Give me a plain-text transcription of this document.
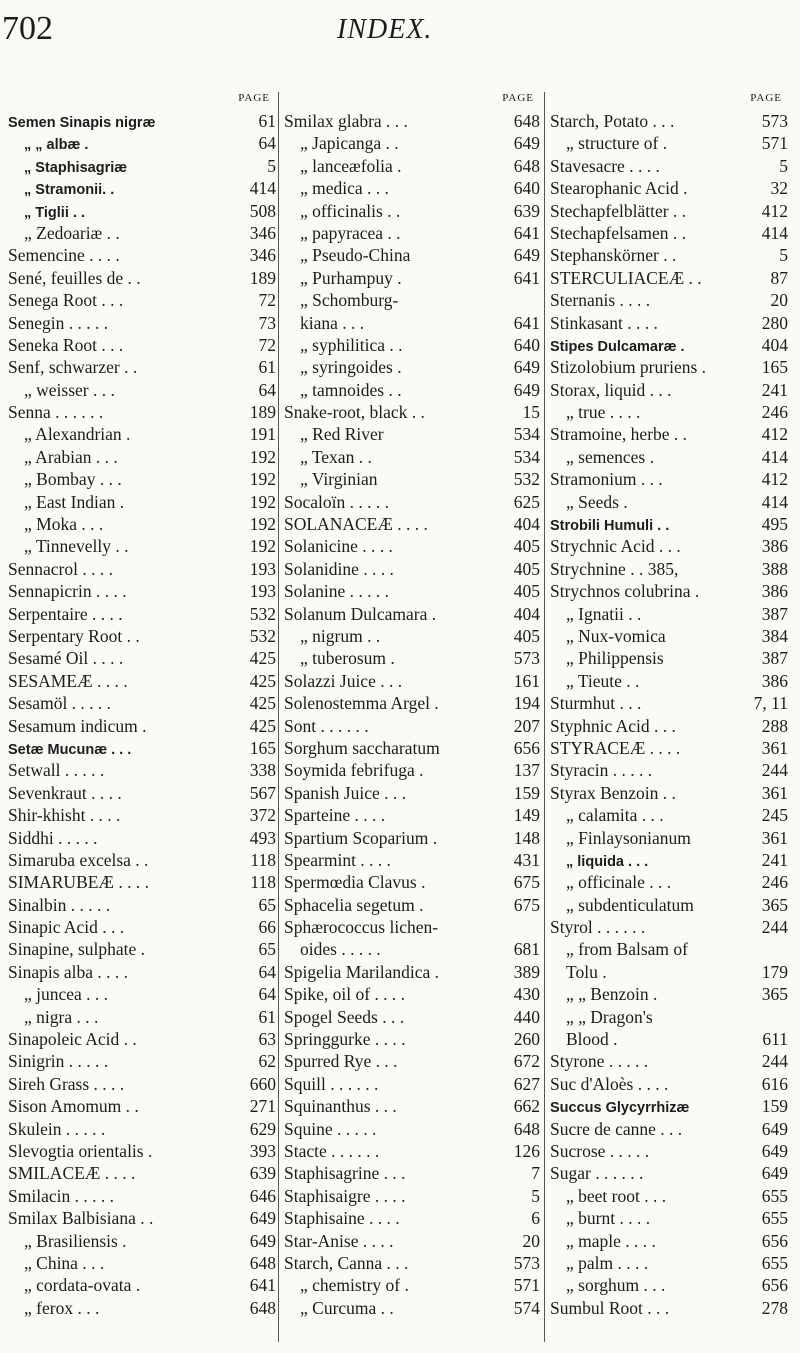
702	INDEX.
PAGE
Semen Sinapis nigræ	61
„ „ albæ .	64
„ Staphisagriæ	5
„ Stramonii. .	414
„ Tiglii . .	508
„ Zedoariæ . .	346
Semencine . . . .	346
Sené, feuilles de . .	189
Senega Root . . .	72
Senegin . . . . .	73
Seneka Root . . .	72
Senf, schwarzer . .	61
„ weisser . . .	64
Senna . . . . . .	189
„ Alexandrian .	191
„ Arabian . . .	192
„ Bombay . . .	192
„ East Indian .	192
„ Moka . . .	192
„ Tinnevelly . .	192
Sennacrol . . . .	193
Sennapicrin . . . .	193
Serpentaire . . . .	532
Serpentary Root . .	532
Sesamé Oil . . . .	425
SESAMEÆ . . . .	425
Sesamöl . . . . .	425
Sesamum indicum .	425
Setæ Mucunæ . . .	165
Setwall . . . . .	338
Sevenkraut . . . .	567
Shir-khisht . . . .	372
Siddhi . . . . .	493
Simaruba excelsa . .	118
SIMARUBEÆ . . . .	118
Sinalbin . . . . .	65
Sinapic Acid . . .	66
Sinapine, sulphate .	65
Sinapis alba . . . .	64
„ juncea . . .	64
„ nigra . . .	61
Sinapoleic Acid . .	63
Sinigrin . . . . .	62
Sireh Grass . . . .	660
Sison Amomum . .	271
Skulein . . . . .	629
Slevogtia orientalis .	393
SMILACEÆ . . . .	639
Smilacin . . . . .	646
Smilax Balbisiana . .	649
„ Brasiliensis .	649
„ China . . .	648
„ cordata-ovata .	641
„ ferox . . .	648
PAGE
Smilax glabra . . .	648
„ Japicanga . .	649
„ lanceæfolia .	648
„ medica . . .	640
„ officinalis . .	639
„ papyracea . .	641
„ Pseudo-China	649
„ Purhampuy .	641
„ Schomburg-
kiana . . .	641
„ syphilitica . .	640
„ syringoides .	649
„ tamnoides . .	649
Snake-root, black . .	15
„ Red River	534
„ Texan . .	534
„ Virginian	532
Socaloïn . . . . .	625
SOLANACEÆ . . . .	404
Solanicine . . . .	405
Solanidine . . . .	405
Solanine . . . . .	405
Solanum Dulcamara .	404
„ nigrum . .	405
„ tuberosum .	573
Solazzi Juice . . .	161
Solenostemma Argel .	194
Sont . . . . . .	207
Sorghum saccharatum	656
Soymida febrifuga .	137
Spanish Juice . . .	159
Sparteine . . . .	149
Spartium Scoparium .	148
Spearmint . . . .	431
Spermœdia Clavus .	675
Sphacelia segetum .	675
Sphærococcus lichen-
oides . . . . .	681
Spigelia Marilandica .	389
Spike, oil of . . . .	430
Spogel Seeds . . .	440
Springgurke . . . .	260
Spurred Rye . . .	672
Squill . . . . . .	627
Squinanthus . . .	662
Squine . . . . .	648
Stacte . . . . . .	126
Staphisagrine . . .	7
Staphisaigre . . . .	5
Staphisaine . . . .	6
Star-Anise . . . .	20
Starch, Canna . . .	573
„ chemistry of .	571
„ Curcuma . .	574
PAGE
Starch, Potato . . .	573
„ structure of .	571
Stavesacre . . . .	5
Stearophanic Acid .	32
Stechapfelblätter . .	412
Stechapfelsamen . .	414
Stephanskörner . .	5
STERCULIACEÆ . .	87
Sternanis . . . .	20
Stinkasant . . . .	280
Stipes Dulcamaræ .	404
Stizolobium pruriens .	165
Storax, liquid . . .	241
„ true . . . .	246
Stramoine, herbe . .	412
„ semences .	414
Stramonium . . .	412
„ Seeds .	414
Strobili Humuli . .	495
Strychnic Acid . . .	386
Strychnine . . 385,	388
Strychnos colubrina .	386
„ Ignatii . .	387
„ Nux-vomica	384
„ Philippensis	387
„ Tieute . .	386
Sturmhut . . .	7, 11
Styphnic Acid . . .	288
STYRACEÆ . . . .	361
Styracin . . . . .	244
Styrax Benzoin . .	361
„ calamita . . .	245
„ Finlaysonianum	361
„ liquida . . .	241
„ officinale . . .	246
„ subdenticulatum	365
Styrol . . . . . .	244
„ from Balsam of
Tolu .	179
„ „ Benzoin .	365
„ „ Dragon's
Blood .	611
Styrone . . . . .	244
Suc d'Aloès . . . .	616
Succus Glycyrrhizæ	159
Sucre de canne . . .	649
Sucrose . . . . .	649
Sugar . . . . . .	649
„ beet root . . .	655
„ burnt . . . .	655
„ maple . . . .	656
„ palm . . . .	655
„ sorghum . . .	656
Sumbul Root . . .	278
